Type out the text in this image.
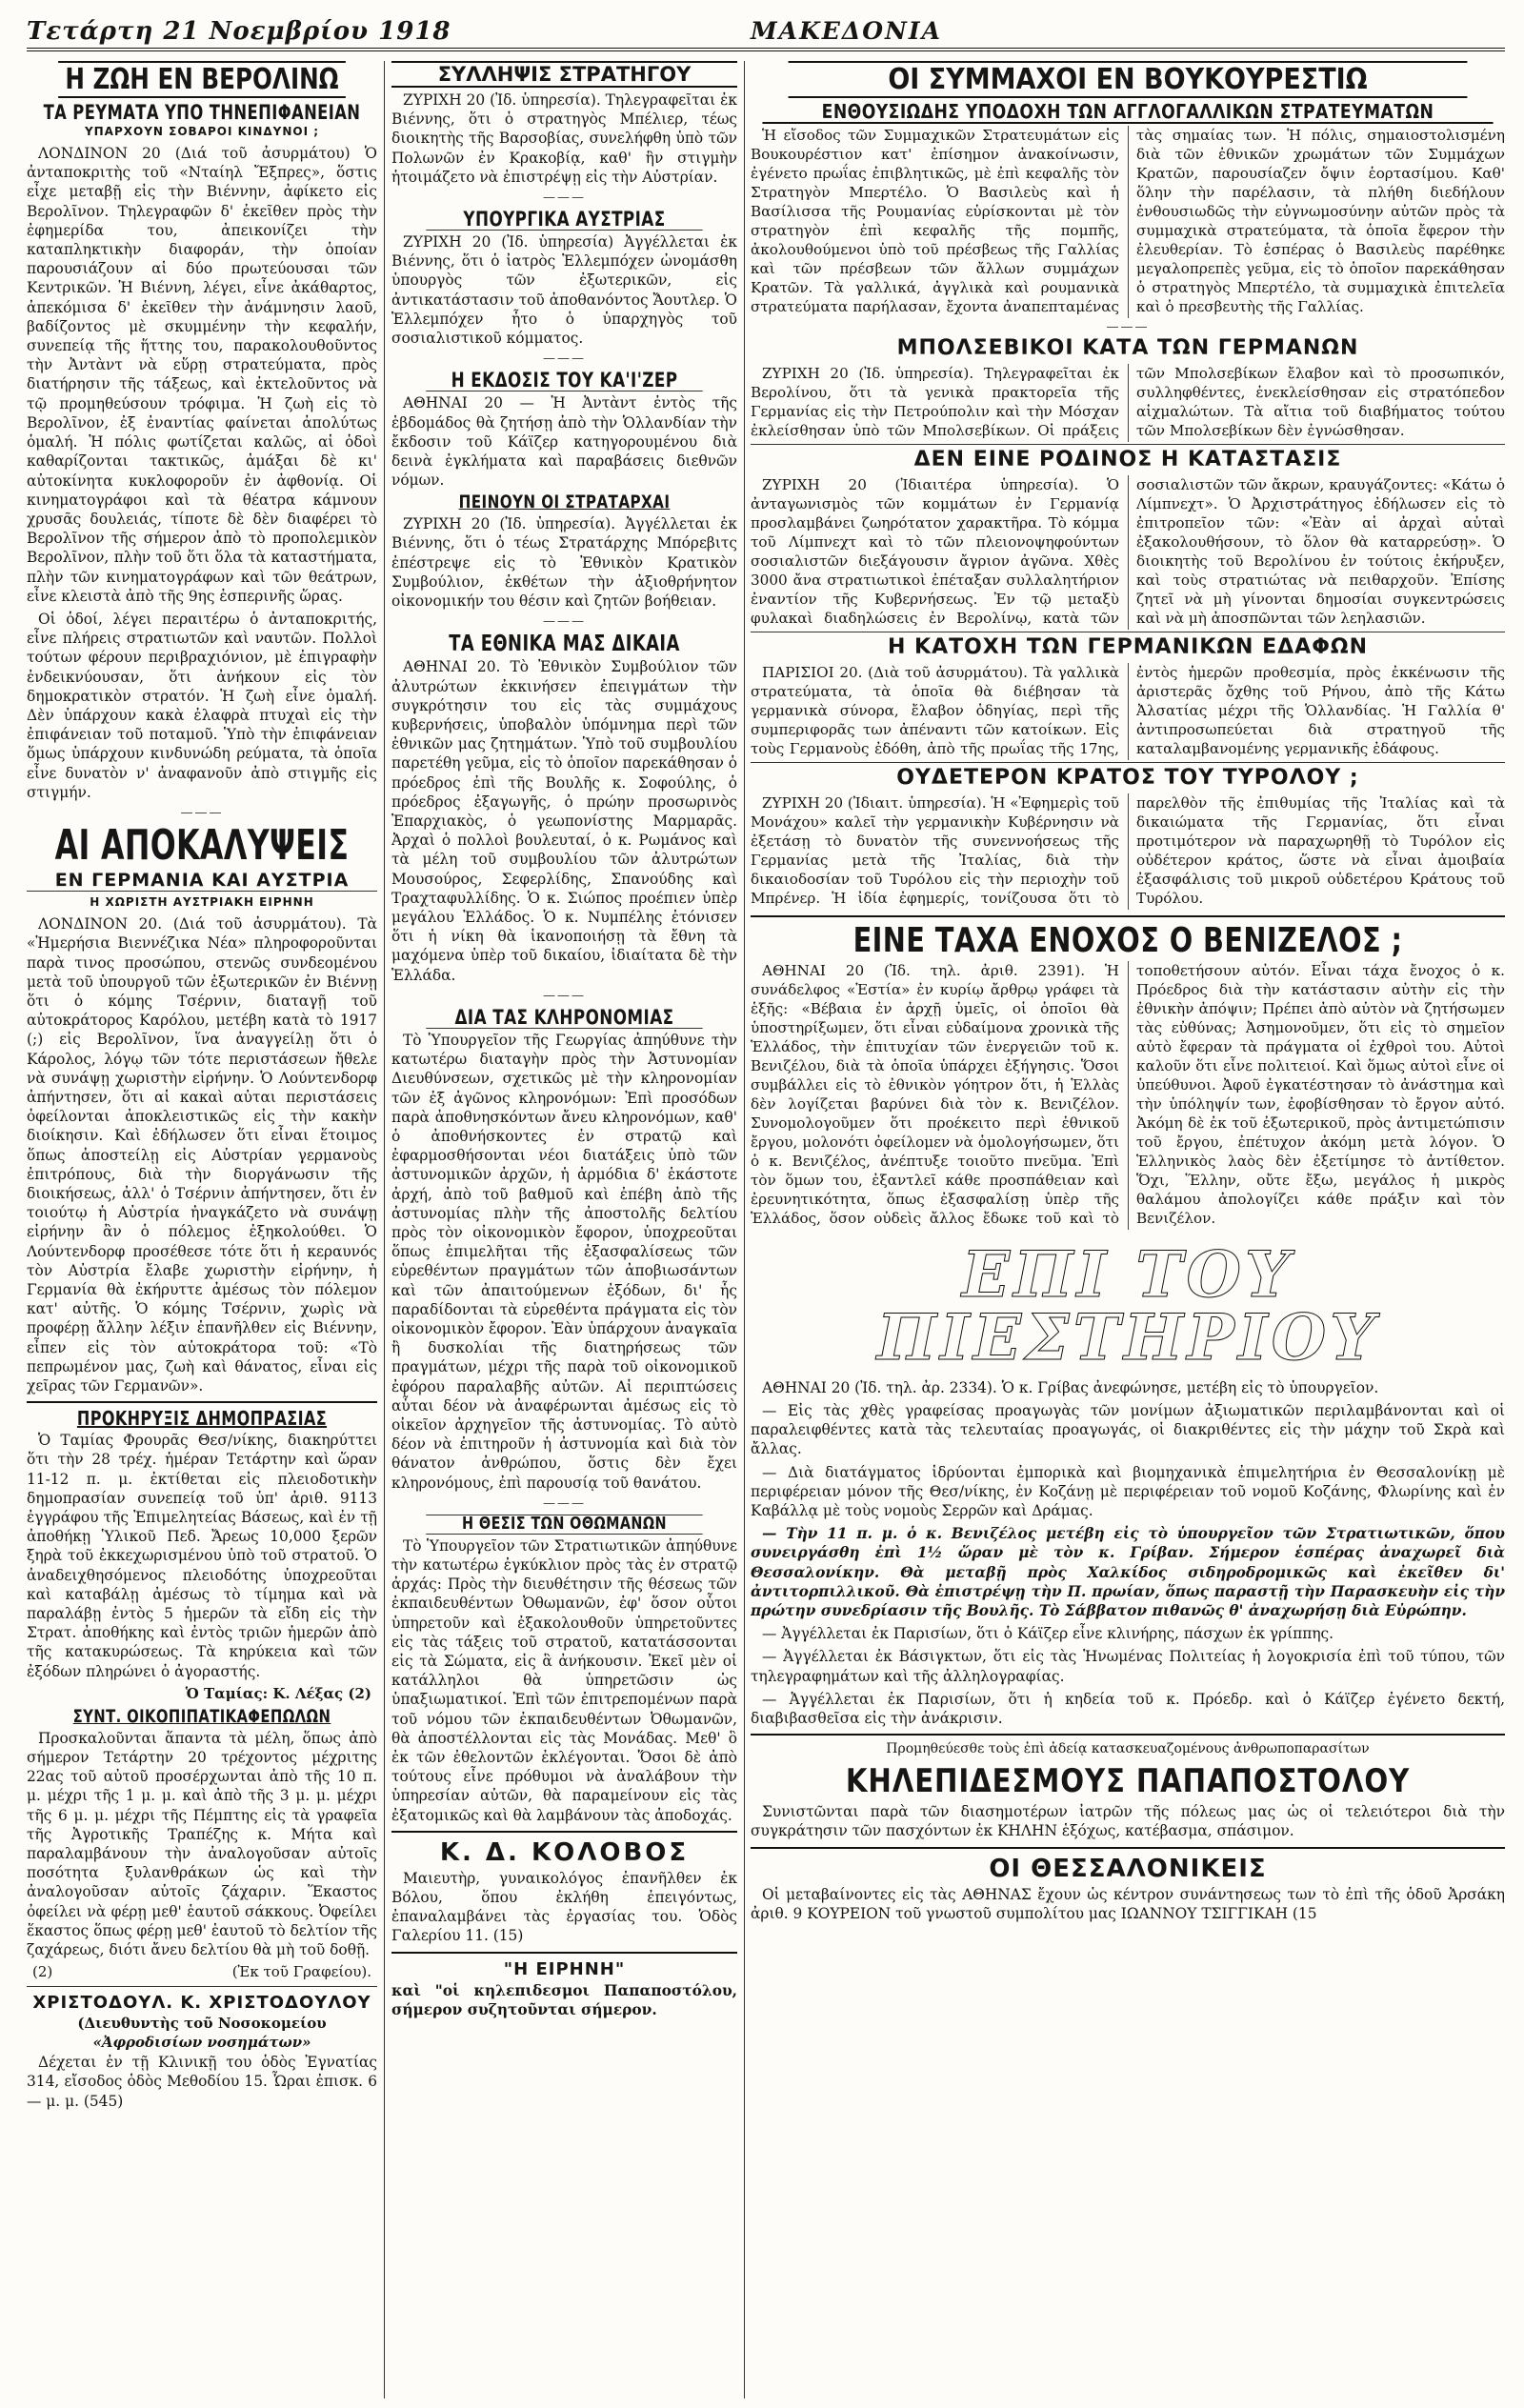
Τετάρτη 21 Νοεμβρίου 1918	ΜΑΚΕΔΟΝΙΑ
Η ΖΩΗ ΕΝ ΒΕΡΟΛΙΝΩ
ΤΑ ΡΕΥΜΑΤΑ ΥΠΟ ΤΗΝΕΠΙΦΑΝΕΙΑΝ
ΥΠΑΡΧΟΥΝ ΣΟΒΑΡΟΙ ΚΙΝΔΥΝΟΙ ;

ΛΟΝΔΙΝΟΝ 20 (Διά τοῦ ἀσυρμάτου) Ὁ ἀνταποκριτὴς τοῦ «Νταίηλ Ἔξπρες», ὅστις εἶχε μεταβῇ εἰς τὴν Βιέννην, ἀφίκετο εἰς Βερολῖνον. Τηλεγραφῶν δ' ἐκεῖθεν πρὸς τὴν ἐφημερίδα του, ἀπεικονίζει τὴν καταπληκτικὴν διαφοράν, τὴν ὁποίαν παρουσιάζουν αἱ δύο πρωτεύουσαι τῶν Κεντρικῶν. Ἡ Βιέννη, λέγει, εἶνε ἀκάθαρτος, ἀπεκόμισα δ' ἐκεῖθεν τὴν ἀνάμνησιν λαοῦ, βαδίζοντος μὲ σκυμμένην τὴν κεφαλήν, συνεπείᾳ τῆς ἥττης του, παρακολουθοῦντος τὴν Ἀντὰντ νὰ εὕρῃ στρατεύματα, πρὸς διατήρησιν τῆς τάξεως, καὶ ἐκτελοῦντος νὰ τῷ προμηθεύσουν τρόφιμα. Ἡ ζωὴ εἰς τὸ Βερολῖνον, ἐξ ἐναντίας φαίνεται ἀπολύτως ὁμαλή. Ἡ πόλις φωτίζεται καλῶς, αἱ ὁδοὶ καθαρίζονται τακτικῶς, ἁμάξαι δὲ κι' αὐτοκίνητα κυκλοφοροῦν ἐν ἀφθονίᾳ. Οἱ κινηματογράφοι καὶ τὰ θέατρα κάμνουν χρυσᾶς δουλειάς, τίποτε δὲ δὲν διαφέρει τὸ Βερολῖνον τῆς σήμερον ἀπὸ τὸ προπολεμικὸν Βερολῖνον, πλὴν τοῦ ὅτι ὅλα τὰ καταστήματα, πλὴν τῶν κινηματογράφων καὶ τῶν θεάτρων, εἶνε κλειστὰ ἀπὸ τῆς 9ης ἑσπερινῆς ὥρας.

Οἱ ὁδοί, λέγει περαιτέρω ὁ ἀνταποκριτής, εἶνε πλήρεις στρατιωτῶν καὶ ναυτῶν. Πολλοὶ τούτων φέρουν περιβραχιόνιον, μὲ ἐπιγραφὴν ἐνδεικνύουσαν, ὅτι ἀνήκουν εἰς τὸν δημοκρατικὸν στρατόν. Ἡ ζωὴ εἶνε ὁμαλή. Δὲν ὑπάρχουν κακὰ ἐλαφρὰ πτυχαὶ εἰς τὴν ἐπιφάνειαν τοῦ ποταμοῦ. Ὑπὸ τὴν ἐπιφάνειαν ὅμως ὑπάρχουν κινδυνώδη ρεύματα, τὰ ὁποῖα εἶνε δυνατὸν ν' ἀναφανοῦν ἀπὸ στιγμῆς εἰς στιγμήν.

———
ΑΙ ΑΠΟΚΑΛΥΨΕΙΣ
ΕΝ ΓΕΡΜΑΝΙΑ ΚΑΙ ΑΥΣΤΡΙΑ
Η ΧΩΡΙΣΤΗ ΑΥΣΤΡΙΑΚΗ ΕΙΡΗΝΗ

ΛΟΝΔΙΝΟΝ 20. (Διά τοῦ ἀσυρμάτου). Τὰ «Ἡμερήσια Βιεννέζικα Νέα» πληροφοροῦνται παρὰ τινος προσώπου, στενῶς συνδεομένου μετὰ τοῦ ὑπουργοῦ τῶν ἐξωτερικῶν ἐν Βιέννῃ ὅτι ὁ κόμης Τσέρνιν, διαταγῇ τοῦ αὐτοκράτορος Καρόλου, μετέβη κατὰ τὸ 1917 (;) εἰς Βερολῖνον, ἵνα ἀναγγείλῃ ὅτι ὁ Κάρολος, λόγῳ τῶν τότε περιστάσεων ἤθελε νὰ συνάψῃ χωριστὴν εἰρήνην. Ὁ Λούντενδορφ ἀπήντησεν, ὅτι αἱ κακαὶ αὐται περιστάσεις ὀφείλονται ἀποκλειστικῶς εἰς τὴν κακὴν διοίκησιν. Καὶ ἐδήλωσεν ὅτι εἶναι ἕτοιμος ὅπως ἀποστείλῃ εἰς Αὐστρίαν γερμανοὺς ἐπιτρόπους, διὰ τὴν διοργάνωσιν τῆς διοικήσεως, ἀλλ' ὁ Τσέρνιν ἀπήντησεν, ὅτι ἐν τοιούτῳ ἡ Αὐστρία ἠναγκάζετο νὰ συνάψῃ εἰρήνην ἂν ὁ πόλεμος ἐξηκολούθει. Ὁ Λούντενδορφ προσέθεσε τότε ὅτι ἡ κεραυνός τὸν Αὐστρία ἔλαβε χωριστὴν εἰρήνην, ἡ Γερμανία θὰ ἐκήρυττε ἀμέσως τὸν πόλεμον κατ' αὐτῆς. Ὁ κόμης Τσέρνιν, χωρὶς νὰ προφέρῃ ἄλλην λέξιν ἐπανῆλθεν εἰς Βιέννην, εἶπεν εἰς τὸν αὐτοκράτορα τοῦ: «Τὸ πεπρωμένον μας, ζωὴ καὶ θάνατος, εἶναι εἰς χεῖρας τῶν Γερμανῶν».

ΠΡΟΚΗΡΥΞΙΣ ΔΗΜΟΠΡΑΣΙΑΣ

Ὁ Ταμίας Φρουρᾶς Θεσ/νίκης, διακηρύττει ὅτι τὴν 28 τρέχ. ἡμέραν Τετάρτην καὶ ὥραν 11-12 π. μ. ἐκτίθεται εἰς πλειοδοτικὴν δημοπρασίαν συνεπείᾳ τοῦ ὑπ' ἀριθ. 9113 ἐγγράφου τῆς Ἐπιμελητείας Βάσεως, καὶ ἐν τῇ ἀποθήκῃ Ὑλικοῦ Πεδ. Ἄρεως 10,000 ξερῶν ξηρὰ τοῦ ἐκκεχωρισμένου ὑπὸ τοῦ στρατοῦ. Ὁ ἀναδειχθησόμενος πλειοδότης ὑποχρεοῦται καὶ καταβάλῃ ἀμέσως τὸ τίμημα καὶ νὰ παραλάβῃ ἐντὸς 5 ἡμερῶν τὰ εἴδη εἰς τὴν Στρατ. ἀποθήκης καὶ ἐντὸς τριῶν ἡμερῶν ἀπὸ τῆς κατακυρώσεως. Τὰ κηρύκεια καὶ τῶν ἐξόδων πληρώνει ὁ ἀγοραστής.

Ὁ Ταμίας: Κ. Λέξας (2)
ΣΥΝΤ. ΟΙΚΟΠΙΠΑΤΙΚΑΦΕΠΩΛΩΝ

Προσκαλοῦνται ἅπαντα τὰ μέλη, ὅπως ἀπὸ σήμερον Τετάρτην 20 τρέχοντος μέχριτης 22ας τοῦ αὐτοῦ προσέρχωνται ἀπὸ τῆς 10 π. μ. μέχρι τῆς 1 μ. μ. καὶ ἀπὸ τῆς 3 μ. μ. μέχρι τῆς 6 μ. μ. μέχρι τῆς Πέμπτης εἰς τὰ γραφεῖα τῆς Ἀγροτικῆς Τραπέζης κ. Μήτα καὶ παραλαμβάνουν τὴν ἀναλογοῦσαν αὐτοῖς ποσότητα ξυλανθράκων ὡς καὶ τὴν ἀναλογοῦσαν αὐτοῖς ζάχαριν. Ἕκαστος ὀφείλει νὰ φέρῃ μεθ' ἑαυτοῦ σάκκους. Ὀφείλει ἕκαστος ὅπως φέρῃ μεθ' ἑαυτοῦ τὸ δελτίον τῆς ζαχάρεως, διότι ἄνευ δελτίου θὰ μὴ τοῦ δοθῇ.

(2)	(Ἐκ τοῦ Γραφείου).
ΧΡΙΣΤΟΔΟΥΛ. Κ. ΧΡΙΣΤΟΔΟΥΛΟΥ
(Διευθυντὴς τοῦ Νοσοκομείου
«Ἀφροδισίων νοσημάτων»

Δέχεται ἐν τῇ Κλινικῇ του ὁδὸς Ἐγνατίας 314, εἴσοδος ὁδὸς Μεθοδίου 15. Ὧραι ἐπισκ. 6— μ. μ. (545)

ΣΥΛΛΗΨΙΣ ΣΤΡΑΤΗΓΟΥ

ΖΥΡΙΧΗ 20 (Ἰδ. ὑπηρεσία). Τηλεγραφεῖται ἐκ Βιέννης, ὅτι ὁ στρατηγὸς Μπέλιερ, τέως διοικητὴς τῆς Βαρσοβίας, συνελήφθη ὑπὸ τῶν Πολωνῶν ἐν Κρακοβίᾳ, καθ' ἣν στιγμὴν ἡτοιμάζετο νὰ ἐπιστρέψῃ εἰς τὴν Αὐστρίαν.

———
ΥΠΟΥΡΓΙΚΑ ΑΥΣΤΡΙΑΣ

ΖΥΡΙΧΗ 20 (Ἰδ. ὑπηρεσία) Ἀγγέλλεται ἐκ Βιέννης, ὅτι ὁ ἰατρὸς Ἑλλεμπόχεν ὠνομάσθη ὑπουργὸς τῶν ἐξωτερικῶν, εἰς ἀντικατάστασιν τοῦ ἀποθανόντος Ἄουτλερ. Ὁ Ἑλλεμπόχεν ἦτο ὁ ὑπαρχηγὸς τοῦ σοσιαλιστικοῦ κόμματος.

———
Η ΕΚΔΟΣΙΣ ΤΟΥ ΚΑ'Ι'ΖΕΡ

ΑΘΗΝΑΙ 20 — Ἡ Ἀντὰντ ἐντὸς τῆς ἑβδομάδος θὰ ζητήσῃ ἀπὸ τὴν Ὁλλανδίαν τὴν ἔκδοσιν τοῦ Κάϊζερ κατηγορουμένου διὰ δεινὰ ἐγκλήματα καὶ παραβάσεις διεθνῶν νόμων.

ΠΕΙΝΟΥΝ ΟΙ ΣΤΡΑΤΑΡΧΑΙ

ΖΥΡΙΧΗ 20 (Ἰδ. ὑπηρεσία). Ἀγγέλλεται ἐκ Βιέννης, ὅτι ὁ τέως Στρατάρχης Μπόρεβιτς ἐπέστρεψε εἰς τὸ Ἐθνικὸν Κρατικὸν Συμβούλιον, ἐκθέτων τὴν ἀξιοθρήνητον οἰκονομικήν του θέσιν καὶ ζητῶν βοήθειαν.

———
ΤΑ ΕΘΝΙΚΑ ΜΑΣ ΔΙΚΑΙΑ

ΑΘΗΝΑΙ 20. Τὸ Ἐθνικὸν Συμβούλιον τῶν ἀλυτρώτων ἐκκινήσεν ἐπειγμάτων τὴν συγκρότησιν του εἰς τὰς συμμάχους κυβερνήσεις, ὑποβαλὸν ὑπόμνημα περὶ τῶν ἐθνικῶν μας ζητημάτων. Ὑπὸ τοῦ συμβουλίου παρετέθη γεῦμα, εἰς τὸ ὁποῖον παρεκάθησαν ὁ πρόεδρος ἐπὶ τῆς Βουλῆς κ. Σοφούλης, ὁ πρόεδρος ἐξαγωγῆς, ὁ πρώην προσωρινὸς Ἐπαρχιακὸς, ὁ γεωπονίστης Μαρμαρᾶς. Ἀρχαὶ ὁ πολλοὶ βουλευταί, ὁ κ. Ρωμάνος καὶ τὰ μέλη τοῦ συμβουλίου τῶν ἀλυτρώτων Μουσούρος, Σεφερλίδης, Σπανούδης καὶ Τραχταφυλλίδης. Ὁ κ. Σιώπος προέπιεν ὑπὲρ μεγάλου Ἑλλάδος. Ὁ κ. Νυμπέλης ἐτόνισεν ὅτι ἡ νίκη θὰ ἱκανοποιήσῃ τὰ ἔθνη τὰ μαχόμενα ὑπὲρ τοῦ δικαίου, ἰδιαίτατα δὲ τὴν Ἑλλάδα.

———
ΔΙΑ ΤΑΣ ΚΛΗΡΟΝΟΜΙΑΣ

Τὸ Ὑπουργεῖον τῆς Γεωργίας ἀπηύθυνε τὴν κατωτέρω διαταγὴν πρὸς τὴν Ἀστυνομίαν Διευθύνσεων, σχετικῶς μὲ τὴν κληρονομίαν τῶν ἐξ ἀγῶνος κληρονόμων: Ἐπὶ προσόδων παρὰ ἀποθνησκόντων ἄνευ κληρονόμων, καθ' ὁ ἀποθνήσκοντες ἐν στρατῷ καὶ ἐφαρμοσθήσονται νέοι διατάξεις ὑπὸ τῶν ἀστυνομικῶν ἀρχῶν, ἡ ἀρμόδια δ' ἑκάστοτε ἀρχή, ἀπὸ τοῦ βαθμοῦ καὶ ἐπέβη ἀπὸ τῆς ἀστυνομίας πλὴν τῆς ἀποστολῆς δελτίου πρὸς τὸν οἰκονομικὸν ἔφορον, ὑποχρεοῦται ὅπως ἐπιμελῆται τῆς ἐξασφαλίσεως τῶν εὑρεθέντων πραγμάτων τῶν ἀποβιωσάντων καὶ τῶν ἀπαιτούμενων ἐξόδων, δι' ἧς παραδίδονται τὰ εὑρεθέντα πράγματα εἰς τὸν οἰκονομικὸν ἔφορον. Ἐὰν ὑπάρχουν ἀναγκαῖα ἢ δυσκολίαι τῆς διατηρήσεως τῶν πραγμάτων, μέχρι τῆς παρὰ τοῦ οἰκονομικοῦ ἐφόρου παραλαβῆς αὐτῶν. Αἱ περιπτώσεις αὗται δέον νὰ ἀναφέρωνται ἀμέσως εἰς τὸ οἰκεῖον ἀρχηγεῖον τῆς ἀστυνομίας. Τὸ αὐτὸ δέον νὰ ἐπιτηροῦν ἡ ἀστυνομία καὶ διὰ τὸν θάνατον ἀνθρώπου, ὅστις δὲν ἔχει κληρονόμους, ἐπὶ παρουσίᾳ τοῦ θανάτου.

———
Η ΘΕΣΙΣ ΤΩΝ ΟΘΩΜΑΝΩΝ

Τὸ Ὑπουργεῖον τῶν Στρατιωτικῶν ἀπηύθυνε τὴν κατωτέρω ἐγκύκλιον πρὸς τὰς ἐν στρατῷ ἀρχάς: Πρὸς τὴν διευθέτησιν τῆς θέσεως τῶν ἐκπαιδευθέντων Ὀθωμανῶν, ἐφ' ὅσον οὗτοι ὑπηρετοῦν καὶ ἐξακολουθοῦν ὑπηρετοῦντες εἰς τὰς τάξεις τοῦ στρατοῦ, κατατάσσονται εἰς τὰ Σώματα, εἰς ἃ ἀνήκουσιν. Ἐκεῖ μὲν οἱ κατάλληλοι θὰ ὑπηρετῶσιν ὡς ὑπαξιωματικοί. Ἐπὶ τῶν ἐπιτρεπομένων παρὰ τοῦ νόμου τῶν ἐκπαιδευθέντων Ὀθωμανῶν, θὰ ἀποστέλλονται εἰς τὰς Μονάδας. Μεθ' ὃ ἐκ τῶν ἐθελοντῶν ἐκλέγονται. Ὅσοι δὲ ἀπὸ τούτους εἶνε πρόθυμοι νὰ ἀναλάβουν τὴν ὑπηρεσίαν αὐτῶν, θὰ παραμείνουν εἰς τὰς ἐξατομικῶς καὶ θὰ λαμβάνουν τὰς ἀποδοχάς.

Κ. Δ. ΚΟΛΟΒΟΣ

Μαιευτὴρ, γυναικολόγος ἐπανῆλθεν ἐκ Βόλου, ὅπου ἐκλήθη ἐπειγόντως, ἐπαναλαμβάνει τὰς ἐργασίας του. Ὁδὸς Γαλερίου 11. (15)

"Η ΕΙΡΗΝΗ"

καὶ "οἱ κηλεπιδεσμοι Παπαποστόλου, σήμερον συζητοῦνται σήμερον.

ΟΙ ΣΥΜΜΑΧΟΙ ΕΝ ΒΟΥΚΟΥΡΕΣΤΙΩ
ΕΝΘΟΥΣΙΩΔΗΣ ΥΠΟΔΟΧΗ ΤΩΝ ΑΓΓΛΟΓΑΛΛΙΚΩΝ ΣΤΡΑΤΕΥΜΑΤΩΝ

Ἡ εἴσοδος τῶν Συμμαχικῶν Στρατευμάτων εἰς Βουκουρέστιον κατ' ἐπίσημον ἀνακοίνωσιν, ἐγένετο πρωΐας ἐπιβλητικῶς, μὲ ἐπὶ κεφαλῆς τὸν Στρατηγὸν Μπερτέλο. Ὁ Βασιλεὺς καὶ ἡ Βασίλισσα τῆς Ρουμανίας εὑρίσκονται μὲ τὸν στρατηγὸν ἐπὶ κεφαλῆς τῆς πομπῆς, ἀκολουθούμενοι ὑπὸ τοῦ πρέσβεως τῆς Γαλλίας καὶ τῶν πρέσβεων τῶν ἄλλων συμμάχων Κρατῶν. Τὰ γαλλικά, ἀγγλικὰ καὶ ρουμανικὰ στρατεύματα παρήλασαν, ἔχοντα ἀναπεπταμένας τὰς σημαίας των. Ἡ πόλις, σημαιοστολισμένη διὰ τῶν ἐθνικῶν χρωμάτων τῶν Συμμάχων Κρατῶν, παρουσίαζεν ὄψιν ἑορτασίμου. Καθ' ὅλην τὴν παρέλασιν, τὰ πλήθη διεδήλουν ἐνθουσιωδῶς τὴν εὐγνωμοσύνην αὐτῶν πρὸς τὰ συμμαχικὰ στρατεύματα, τὰ ὁποῖα ἔφερον τὴν ἐλευθερίαν. Τὸ ἑσπέρας ὁ Βασιλεὺς παρέθηκε μεγαλοπρεπὲς γεῦμα, εἰς τὸ ὁποῖον παρεκάθησαν ὁ στρατηγὸς Μπερτέλο, τὰ συμμαχικὰ ἐπιτελεῖα καὶ ὁ πρεσβευτὴς τῆς Γαλλίας.

———
ΜΠΟΛΣΕΒΙΚΟΙ ΚΑΤΑ ΤΩΝ ΓΕΡΜΑΝΩΝ

ΖΥΡΙΧΗ 20 (Ἰδ. ὑπηρεσία). Τηλεγραφεῖται ἐκ Βερολίνου, ὅτι τὰ γενικὰ πρακτορεῖα τῆς Γερμανίας εἰς τὴν Πετρούπολιν καὶ τὴν Μόσχαν ἐκλείσθησαν ὑπὸ τῶν Μπολσεβίκων. Οἱ πράξεις τῶν Μπολσεβίκων ἔλαβον καὶ τὸ προσωπικόν, συλληφθέντες, ἐνεκλείσθησαν εἰς στρατόπεδον αἰχμαλώτων. Τὰ αἴτια τοῦ διαβήματος τούτου τῶν Μπολσεβίκων δὲν ἐγνώσθησαν.

ΔΕΝ ΕΙΝΕ ΡΟΔΙΝΟΣ Η ΚΑΤΑΣΤΑΣΙΣ

ΖΥΡΙΧΗ 20 (Ἰδιαιτέρα ὑπηρεσία). Ὁ ἀνταγωνισμὸς τῶν κομμάτων ἐν Γερμανίᾳ προσλαμβάνει ζωηρότατον χαρακτῆρα. Τὸ κόμμα τοῦ Λίμπνεχτ καὶ τὸ τῶν πλειονοψηφούντων σοσιαλιστῶν διεξάγουσιν ἄγριον ἀγῶνα. Χθὲς 3000 ἄνα στρατιωτικοὶ ἐπέταξαν συλλαλητήριον ἐναντίον τῆς Κυβερνήσεως. Ἐν τῷ μεταξὺ φυλακαὶ διαδηλώσεις ἐν Βερολίνῳ, κατὰ τῶν σοσιαλιστῶν τῶν ἄκρων, κραυγάζοντες: «Κάτω ὁ Λίμπνεχτ». Ὁ Ἀρχιστράτηγος ἐδήλωσεν εἰς τὸ ἐπιτροπεῖον τῶν: «Ἐὰν αἱ ἀρχαὶ αὐταὶ ἐξακολουθήσουν, τὸ ὅλον θὰ καταρρεύσῃ». Ὁ διοικητὴς τοῦ Βερολίνου ἐν τούτοις ἐκήρυξεν, καὶ τοὺς στρατιώτας νὰ πειθαρχοῦν. Ἐπίσης ζητεῖ νὰ μὴ γίνονται δημοσίαι συγκεντρώσεις καὶ νὰ μὴ ἀποσπῶνται τῶν λεηλασιῶν.

Η ΚΑΤΟΧΗ ΤΩΝ ΓΕΡΜΑΝΙΚΩΝ ΕΔΑΦΩΝ

ΠΑΡΙΣΙΟΙ 20. (Διὰ τοῦ ἀσυρμάτου). Τὰ γαλλικὰ στρατεύματα, τὰ ὁποῖα θὰ διέβησαν τὰ γερμανικὰ σύνορα, ἔλαβον ὁδηγίας, περὶ τῆς συμπεριφορᾶς των ἀπέναντι τῶν κατοίκων. Εἰς τοὺς Γερμανοὺς ἐδόθη, ἀπὸ τῆς πρωΐας τῆς 17ης, ἐντὸς ἡμερῶν προθεσμία, πρὸς ἐκκένωσιν τῆς ἀριστερᾶς ὄχθης τοῦ Ρήνου, ἀπὸ τῆς Κάτω Ἀλσατίας μέχρι τῆς Ὁλλανδίας. Ἡ Γαλλία θ' ἀντιπροσωπεύεται διὰ στρατηγοῦ τῆς καταλαμβανομένης γερμανικῆς ἐδάφους.

ΟΥΔΕΤΕΡΟΝ ΚΡΑΤΟΣ ΤΟΥ ΤΥΡΟΛΟΥ ;

ΖΥΡΙΧΗ 20 (Ἰδιαιτ. ὑπηρεσία). Ἡ «Ἐφημερὶς τοῦ Μονάχου» καλεῖ τὴν γερμανικὴν Κυβέρνησιν νὰ ἐξετάσῃ τὸ δυνατὸν τῆς συνεννοήσεως τῆς Γερμανίας μετὰ τῆς Ἰταλίας, διὰ τὴν δικαιοδοσίαν τοῦ Τυρόλου εἰς τὴν περιοχὴν τοῦ Μπρένερ. Ἡ ἰδία ἐφημερίς, τονίζουσα ὅτι τὸ παρελθὸν τῆς ἐπιθυμίας τῆς Ἰταλίας καὶ τὰ δικαιώματα τῆς Γερμανίας, ὅτι εἶναι προτιμότερον νὰ παραχωρηθῇ τὸ Τυρόλον εἰς οὐδέτερον κράτος, ὥστε νὰ εἶναι ἀμοιβαία ἐξασφάλισις τοῦ μικροῦ οὐδετέρου Κράτους τοῦ Τυρόλου.

ΕΙΝΕ ΤΑΧΑ ΕΝΟΧΟΣ Ο ΒΕΝΙΖΕΛΟΣ ;

ΑΘΗΝΑΙ 20 (Ἰδ. τηλ. ἀριθ. 2391). Ἡ συνάδελφος «Ἑστία» ἐν κυρίῳ ἄρθρῳ γράφει τὰ ἑξῆς: «Βέβαια ἐν ἀρχῇ ὑμεῖς, οἱ ὁποῖοι θὰ ὑποστηρίξωμεν, ὅτι εἶναι εὐδαίμονα χρονικὰ τῆς Ἑλλάδος, τὴν ἐπιτυχίαν τῶν ἐνεργειῶν τοῦ κ. Βενιζέλου, διὰ τὰ ὁποῖα ὑπάρχει ἐξήγησις. Ὅσοι συμβάλλει εἰς τὸ ἐθνικὸν γόητρον ὅτι, ἡ Ἑλλὰς δὲν λογίζεται βαρύνει διὰ τὸν κ. Βενιζέλον. Συνομολογοῦμεν ὅτι προέκειτο περὶ ἐθνικοῦ ἔργου, μολονότι ὀφείλομεν νὰ ὁμολογήσωμεν, ὅτι ὁ κ. Βενιζέλος, ἀνέπτυξε τοιοῦτο πνεῦμα. Ἐπὶ τὸν ὅμων του, ἐξαντλεῖ κάθε προσπάθειαν καὶ ἐρευνητικότητα, ὅπως ἐξασφαλίσῃ ὑπὲρ τῆς Ἑλλάδος, ὅσον οὐδεὶς ἄλλος ἔδωκε τοῦ καὶ τὸ τοποθετήσουν αὐτόν. Εἶναι τάχα ἔνοχος ὁ κ. Πρόεδρος διὰ τὴν κατάστασιν αὐτὴν εἰς τὴν ἐθνικὴν ἀπόψιν; Πρέπει ἀπὸ αὐτὸν νὰ ζητήσωμεν τὰς εὐθύνας; Ἀσημονοῦμεν, ὅτι εἰς τὸ σημεῖον αὐτὸ ἔφεραν τὰ πράγματα οἱ ἐχθροὶ του. Αὐτοὶ καλοῦν ὅτι εἶνε πολιτειοί. Καὶ ὅμως αὐτοὶ εἶνε οἱ ὑπεύθυνοι. Ἀφοῦ ἐγκατέστησαν τὸ ἀνάστημα καὶ τὴν ὑπόληψίν των, ἐφοβίσθησαν τὸ ἔργον αὐτό. Ἀκόμη δὲ ἐκ τοῦ ἐξωτερικοῦ, πρὸς ἀντιμετώπισιν τοῦ ἔργου, ἐπέτυχον ἀκόμη μετὰ λόγον. Ὁ Ἑλληνικὸς λαὸς δὲν ἐξετίμησε τὸ ἀντίθετον. Ὅχι, Ἕλλην, οὔτε ἔξω, μεγάλος ἡ μικρὸς θαλάμου ἀπολογίζει κάθε πράξιν καὶ τὸν Βενιζέλον.

ΕΠΙ ΤΟΥ ΠΙΕΣΤΗΡΙΟΥ

ΑΘΗΝΑΙ 20 (Ἰδ. τηλ. ἀρ. 2334). Ὁ κ. Γρίβας ἀνεφώνησε, μετέβη εἰς τὸ ὑπουργεῖον.

— Εἰς τὰς χθὲς γραφείσας προαγωγὰς τῶν μονίμων ἀξιωματικῶν περιλαμβάνονται καὶ οἱ παραλειφθέντες κατὰ τὰς τελευταίας προαγωγάς, οἱ διακριθέντες εἰς τὴν μάχην τοῦ Σκρὰ καὶ ἄλλας.

— Διὰ διατάγματος ἱδρύονται ἐμπορικὰ καὶ βιομηχανικὰ ἐπιμελητήρια ἐν Θεσσαλονίκῃ μὲ περιφέρειαν μόνον τῆς Θεσ/νίκης, ἐν Κοζάνῃ μὲ περιφέρειαν τοῦ νομοῦ Κοζάνης, Φλωρίνης καὶ ἐν Καβάλλᾳ μὲ τοὺς νομοὺς Σερρῶν καὶ Δράμας.

— Τὴν 11 π. μ. ὁ κ. Βενιζέλος μετέβη εἰς τὸ ὑπουργεῖον τῶν Στρατιωτικῶν, ὅπου συνειργάσθη ἐπὶ 1½ ὥραν μὲ τὸν κ. Γρίβαν. Σήμερον ἑσπέρας ἀναχωρεῖ διὰ Θεσσαλονίκην. Θὰ μεταβῇ πρὸς Χαλκίδος σιδηροδρομικῶς καὶ ἐκεῖθεν δι' ἀντιτορπιλλικοῦ. Θὰ ἐπιστρέψῃ τὴν Π. πρωίαν, ὅπως παραστῇ τὴν Παρασκευὴν εἰς τὴν πρώτην συνεδρίασιν τῆς Βουλῆς. Τὸ Σάββατον πιθανῶς θ' ἀναχωρήσῃ διὰ Εὐρώπην.

— Ἀγγέλλεται ἐκ Παρισίων, ὅτι ὁ Κάϊζερ εἶνε κλινήρης, πάσχων ἐκ γρίππης.

— Ἀγγέλλεται ἐκ Βάσιγκτων, ὅτι εἰς τὰς Ἡνωμένας Πολιτείας ἡ λογοκρισία ἐπὶ τοῦ τύπου, τῶν τηλεγραφημάτων καὶ τῆς ἀλληλογραφίας.

— Ἀγγέλλεται ἐκ Παρισίων, ὅτι ἡ κηδεία τοῦ κ. Πρόεδρ. καὶ ὁ Κάϊζερ ἐγένετο δεκτή, διαβιβασθεῖσα εἰς τὴν ἀνάκρισιν.

Προμηθεύεσθε τοὺς ἐπὶ ἀδείᾳ κατασκευαζομένους ἀνθρωποπαρασίτων
ΚΗΛΕΠΙΔΕΣΜΟΥΣ ΠΑΠΑΠΟΣΤΟΛΟΥ

Συνιστῶνται παρὰ τῶν διασημοτέρων ἰατρῶν τῆς πόλεως μας ὡς οἱ τελειότεροι διὰ τὴν συγκράτησιν τῶν πασχόντων ἐκ ΚΗΛΗΝ ἑξόχως, κατέβασμα, σπάσιμον.

ΟΙ ΘΕΣΣΑΛΟΝΙΚΕΙΣ

Οἱ μεταβαίνοντες εἰς τὰς ΑΘΗΝΑΣ ἔχουν ὡς κέντρον συνάντησεως των τὸ ἐπὶ τῆς ὁδοῦ Ἀρσάκη ἀριθ. 9 ΚΟΥΡΕΙΟΝ τοῦ γνωστοῦ συμπολίτου μας ΙΩΑΝΝΟΥ ΤΣΙΓΓΙΚΑΗ (15
